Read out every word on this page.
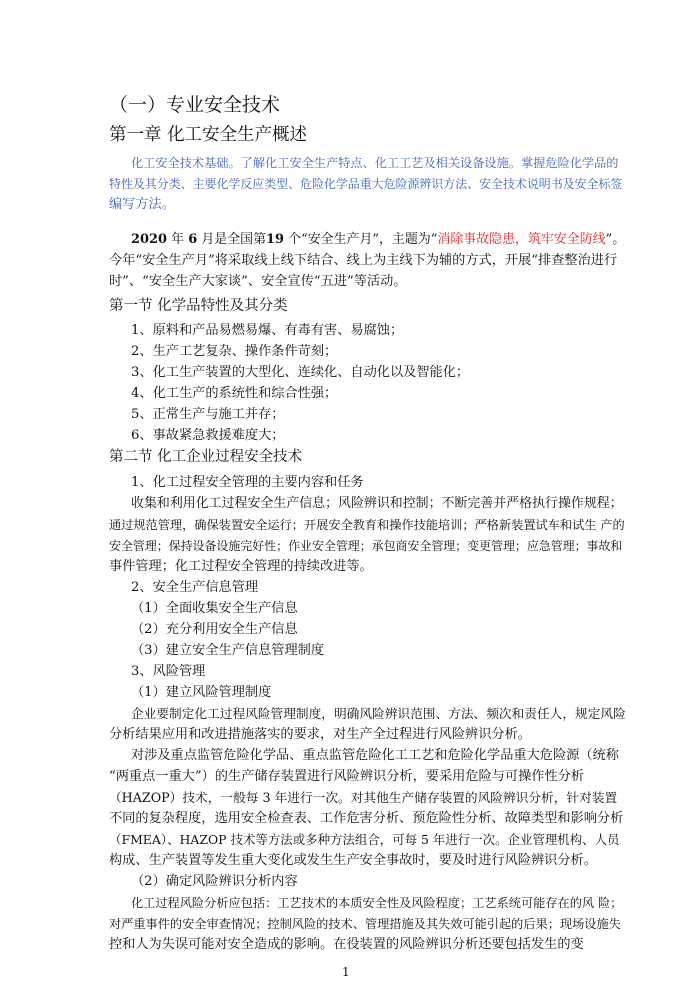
（一）专业安全技术

第一章 化工安全生产概述

化工安全技术基础。了解化工安全生产特点、化工工艺及相关设备设施。掌握危险化学品的

特性及其分类、主要化学反应类型、危险化学品重大危险源辨识方法、安全技术说明书及安全标签

编写方法。

2020 年 6 月是全国第19 个“安全生产月”，主题为“消除事故隐患，筑牢安全防线”。

今年“安全生产月”将采取线上线下结合、线上为主线下为辅的方式，开展“排查整治进行

时”、“安全生产大家谈”、安全宣传“五进”等活动。

第一节 化学品特性及其分类

1、原料和产品易燃易爆、有毒有害、易腐蚀；

2、生产工艺复杂、操作条件苛刻；

3、化工生产装置的大型化、连续化、自动化以及智能化；

4、化工生产的系统性和综合性强；

5、正常生产与施工并存；

6、事故紧急救援难度大；

第二节 化工企业过程安全技术

1、化工过程安全管理的主要内容和任务

收集和利用化工过程安全生产信息；风险辨识和控制；不断完善并严格执行操作规程；

通过规范管理，确保装置安全运行；开展安全教育和操作技能培训；严格新装置试车和试生 产的

安全管理；保持设备设施完好性；作业安全管理；承包商安全管理；变更管理；应急管理；事故和

事件管理；化工过程安全管理的持续改进等。

2、安全生产信息管理

（1）全面收集安全生产信息

（2）充分利用安全生产信息

（3）建立安全生产信息管理制度

3、风险管理

（1）建立风险管理制度

企业要制定化工过程风险管理制度，明确风险辨识范围、方法、频次和责任人，规定风险

分析结果应用和改进措施落实的要求，对生产全过程进行风险辨识分析。

对涉及重点监管危险化学品、重点监管危险化工工艺和危险化学品重大危险源（统称

“两重点一重大”）的生产储存装置进行风险辨识分析，要采用危险与可操作性分析

（HAZOP）技术，一般每 3 年进行一次。对其他生产储存装置的风险辨识分析，针对装置

不同的复杂程度，选用安全检查表、工作危害分析、预危险性分析、故障类型和影响分析

（FMEA）、HAZOP 技术等方法或多种方法组合，可每 5 年进行一次。企业管理机构、人员

构成、生产装置等发生重大变化或发生生产安全事故时，要及时进行风险辨识分析。

（2）确定风险辨识分析内容

化工过程风险分析应包括：工艺技术的本质安全性及风险程度；工艺系统可能存在的风 险；

对严重事件的安全审查情况；控制风险的技术、管理措施及其失效可能引起的后果；现场设施失

控和人为失误可能对安全造成的影响。在役装置的风险辨识分析还要包括发生的变

1
